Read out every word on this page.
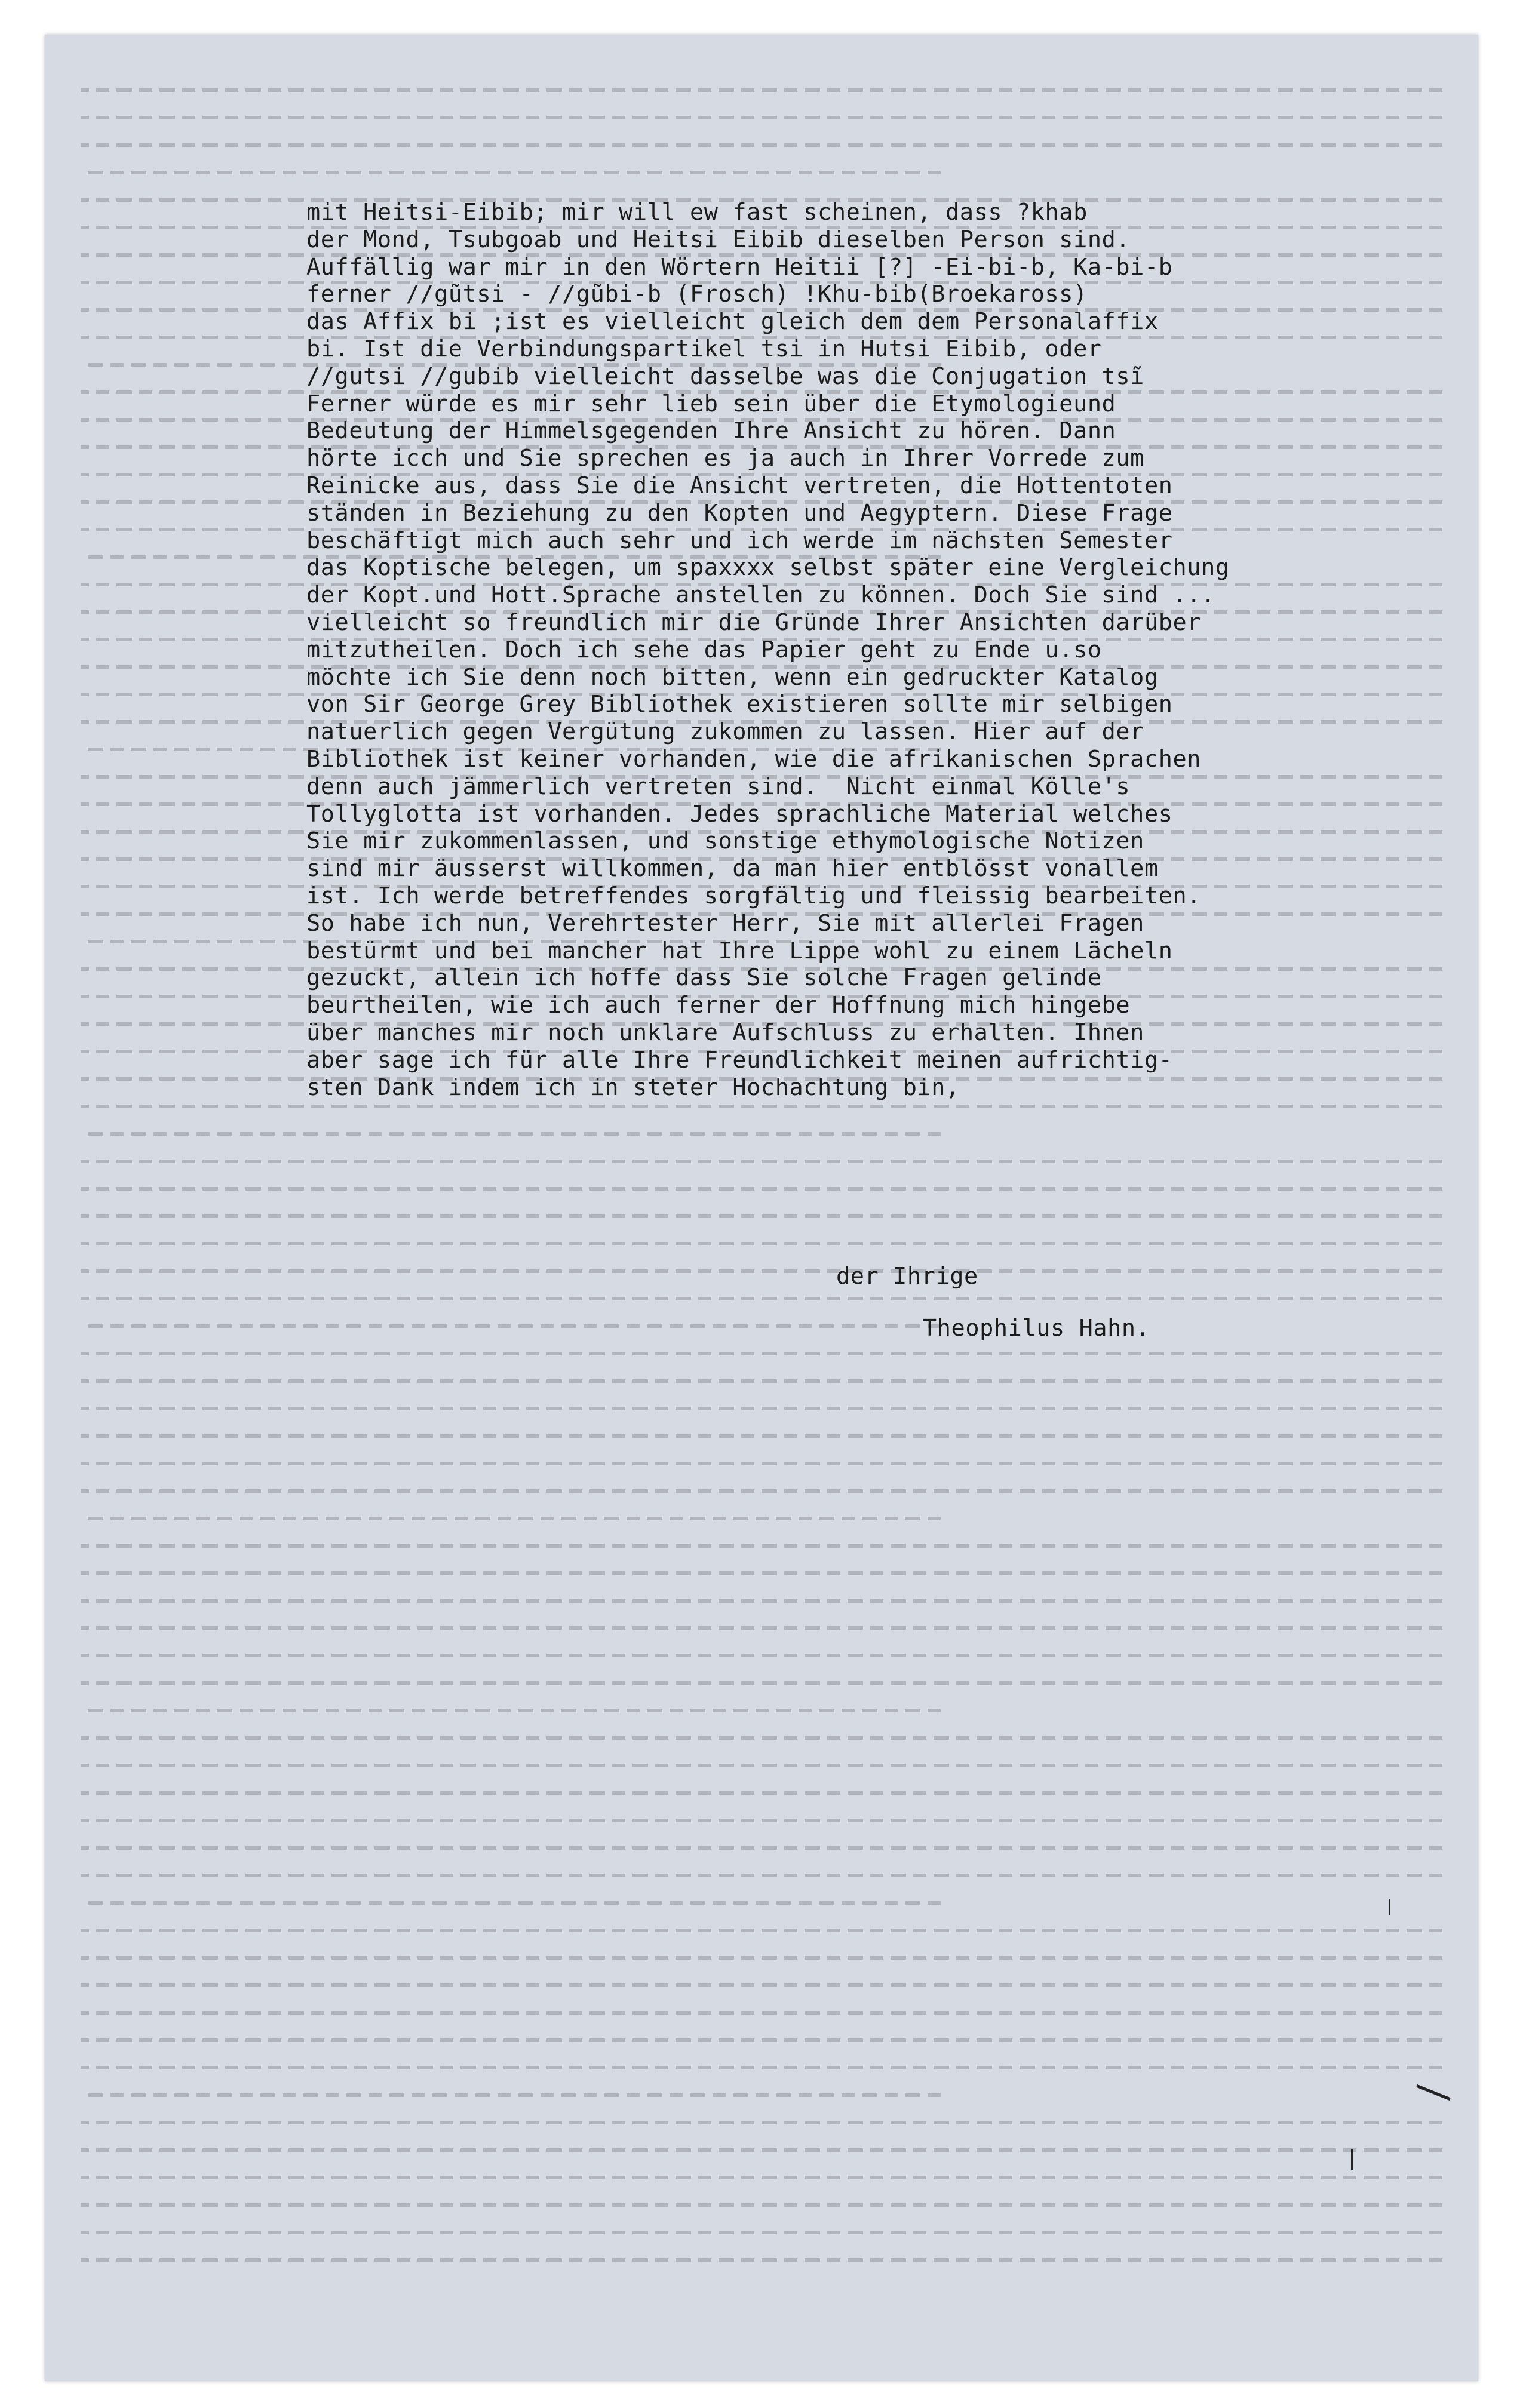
mit Heitsi-Eibib; mir will ew fast scheinen, dass ?khab
der Mond, Tsubgoab und Heitsi Eibib dieselben Person sind.
Auffällig war mir in den Wörtern Heitii [?] -Ei-bi-b, Ka-bi-b
ferner //gũtsi - //gũbi-b (Frosch) !Khu-bib(Broekaross)
das Affix bi ;ist es vielleicht gleich dem dem Personalaffix
bi. Ist die Verbindungspartikel tsi in Hutsi Eibib, oder
//gutsi //gubib vielleicht dasselbe was die Conjugation tsĩ
Ferner würde es mir sehr lieb sein über die Etymologieund
Bedeutung der Himmelsgegenden Ihre Ansicht zu hören. Dann
hörte icch und Sie sprechen es ja auch in Ihrer Vorrede zum
Reinicke aus, dass Sie die Ansicht vertreten, die Hottentoten
ständen in Beziehung zu den Kopten und Aegyptern. Diese Frage
beschäftigt mich auch sehr und ich werde im nächsten Semester
das Koptische belegen, um spaxxxx selbst später eine Vergleichung
der Kopt.und Hott.Sprache anstellen zu können. Doch Sie sind ...
vielleicht so freundlich mir die Gründe Ihrer Ansichten darüber
mitzutheilen. Doch ich sehe das Papier geht zu Ende u.so
möchte ich Sie denn noch bitten, wenn ein gedruckter Katalog
von Sir George Grey Bibliothek existieren sollte mir selbigen
natuerlich gegen Vergütung zukommen zu lassen. Hier auf der
Bibliothek ist keiner vorhanden, wie die afrikanischen Sprachen
denn auch jämmerlich vertreten sind.  Nicht einmal Kölle's
Tollyglotta ist vorhanden. Jedes sprachliche Material welches
Sie mir zukommenlassen, und sonstige ethymologische Notizen
sind mir äusserst willkommen, da man hier entblösst vonallem
ist. Ich werde betreffendes sorgfältig und fleissig bearbeiten.
So habe ich nun, Verehrtester Herr, Sie mit allerlei Fragen
bestürmt und bei mancher hat Ihre Lippe wohl zu einem Lächeln
gezuckt, allein ich hoffe dass Sie solche Fragen gelinde
beurtheilen, wie ich auch ferner der Hoffnung mich hingebe
über manches mir noch unklare Aufschluss zu erhalten. Ihnen
aber sage ich für alle Ihre Freundlichkeit meinen aufrichtig-
sten Dank indem ich in steter Hochachtung bin,
der Ihrige
Theophilus Hahn.
